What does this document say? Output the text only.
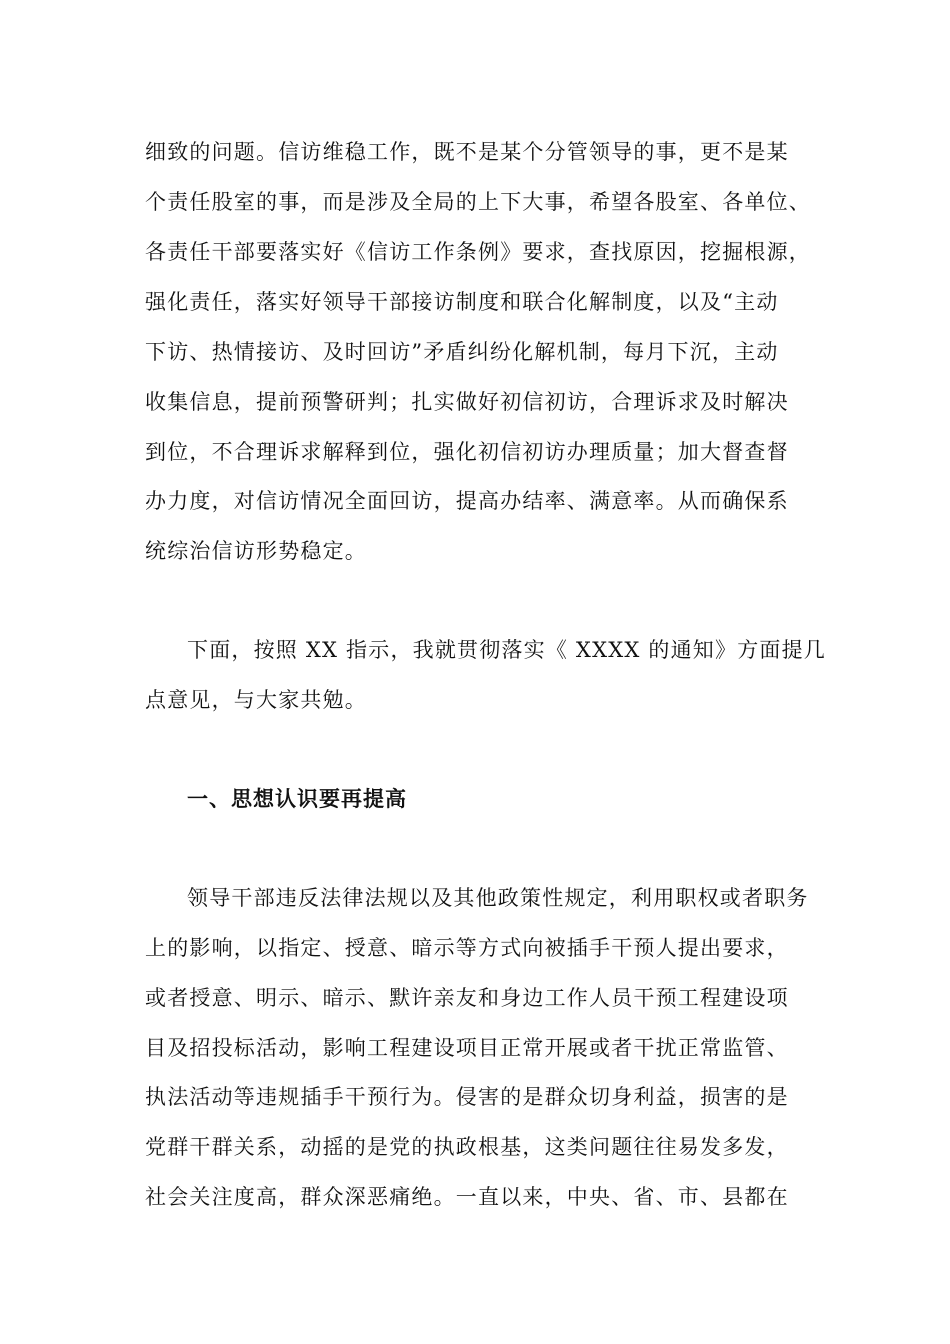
细致的问题。信访维稳工作，既不是某个分管领导的事，更不是某
个责任股室的事，而是涉及全局的上下大事，希望各股室、各单位、
各责任干部要落实好《信访工作条例》要求，查找原因，挖掘根源，
强化责任，落实好领导干部接访制度和联合化解制度，以及“主动
下访、热情接访、及时回访”矛盾纠纷化解机制，每月下沉，主动
收集信息，提前预警研判；扎实做好初信初访，合理诉求及时解决
到位，不合理诉求解释到位，强化初信初访办理质量；加大督查督
办力度，对信访情况全面回访，提高办结率、满意率。从而确保系
统综治信访形势稳定。
下面，按照 XX 指示，我就贯彻落实《 XXXX 的通知》方面提几
点意见，与大家共勉。
一、思想认识要再提高
领导干部违反法律法规以及其他政策性规定，利用职权或者职务
上的影响，以指定、授意、暗示等方式向被插手干预人提出要求，
或者授意、明示、暗示、默许亲友和身边工作人员干预工程建设项
目及招投标活动，影响工程建设项目正常开展或者干扰正常监管、
执法活动等违规插手干预行为。侵害的是群众切身利益，损害的是
党群干群关系，动摇的是党的执政根基，这类问题往往易发多发，
社会关注度高，群众深恶痛绝。一直以来，中央、省、市、县都在
